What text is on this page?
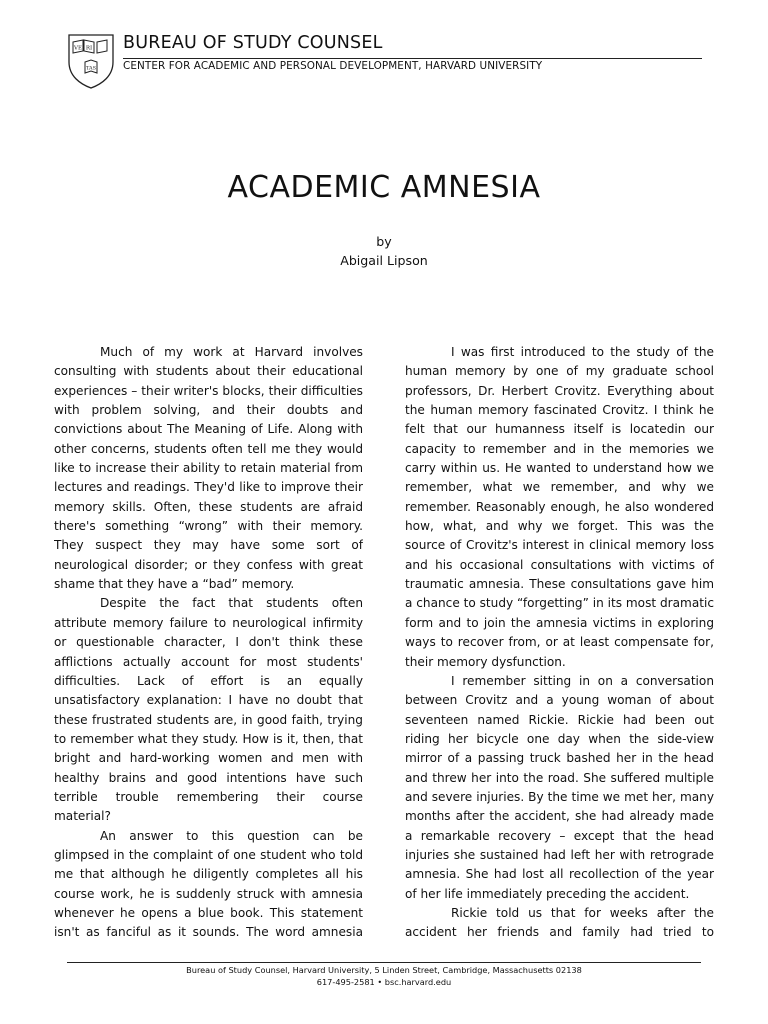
VE RI
TAS
BUREAU OF STUDY COUNSEL
CENTER FOR ACADEMIC AND PERSONAL DEVELOPMENT, HARVARD UNIVERSITY
ACADEMIC AMNESIA
by
Abigail Lipson

Much of my work at Harvard involves consulting with students about their educational experiences – their writer's blocks, their difficulties with problem solving, and their doubts and convictions about The Meaning of Life. Along with other concerns, students often tell me they would like to increase their ability to retain material from lectures and readings. They'd like to improve their memory skills. Often, these students are afraid there's something “wrong” with their memory. They suspect they may have some sort of neurological disorder; or they confess with great shame that they have a “bad” memory.

Despite the fact that students often attribute memory failure to neurological infirmity or questionable character, I don't think these afflictions actually account for most students' difficulties. Lack of effort is an equally unsatisfactory explanation: I have no doubt that these frustrated students are, in good faith, trying to remember what they study. How is it, then, that bright and hard-working women and men with healthy brains and good intentions have such terrible trouble remembering their course material?

An answer to this question can be glimpsed in the complaint of one student who told me that although he diligently completes all his course work, he is suddenly struck with amnesia whenever he opens a blue book. This statement isn't as fanciful as it sounds. The word amnesia

I was first introduced to the study of the human memory by one of my graduate school professors, Dr. Herbert Crovitz. Everything about the human memory fascinated Crovitz. I think he felt that our humanness itself is locatedin our capacity to remember and in the memories we carry within us. He wanted to understand how we remember, what we remember, and why we remember. Reasonably enough, he also wondered how, what, and why we forget. This was the source of Crovitz's interest in clinical memory loss and his occasional consultations with victims of traumatic amnesia. These consultations gave him a chance to study “forgetting” in its most dramatic form and to join the amnesia victims in exploring ways to recover from, or at least compensate for, their memory dysfunction.

I remember sitting in on a conversation between Crovitz and a young woman of about seventeen named Rickie. Rickie had been out riding her bicycle one day when the side-view mirror of a passing truck bashed her in the head and threw her into the road. She suffered multiple and severe injuries. By the time we met her, many months after the accident, she had already made a remarkable recovery – except that the head injuries she sustained had left her with retrograde amnesia. She had lost all recollection of the year of her life immediately preceding the accident.

Rickie told us that for weeks after the accident her friends and family had tried to

Bureau of Study Counsel, Harvard University, 5 Linden Street, Cambridge, Massachusetts 02138
617-495-2581 • bsc.harvard.edu
